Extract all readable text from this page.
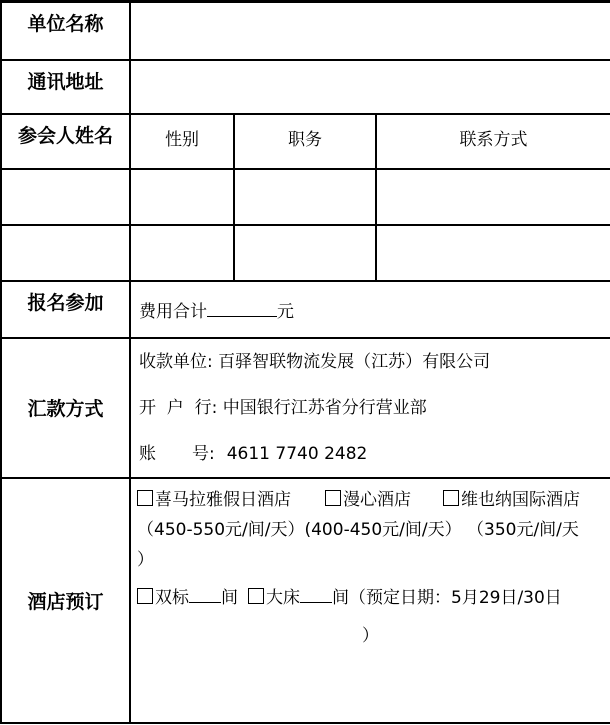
单位名称			
通讯地址			
参会人姓名	性别	职务	联系方式

报名参加	费用合计 元		
汇款方式	收款单位: 百驿智联物流发展（江苏）有限公司
开  户  行: 中国银行江苏省分行营业部
账 号: 4611 7740 2482		

酒店预订	喜马拉雅假日酒店 漫心酒店 维也纳国际酒店
（450-550元/间/天）(400-450元/间/天） （350元/间/天
）
双标 间 大床 间（预定日期：5月29日/30日
）		
